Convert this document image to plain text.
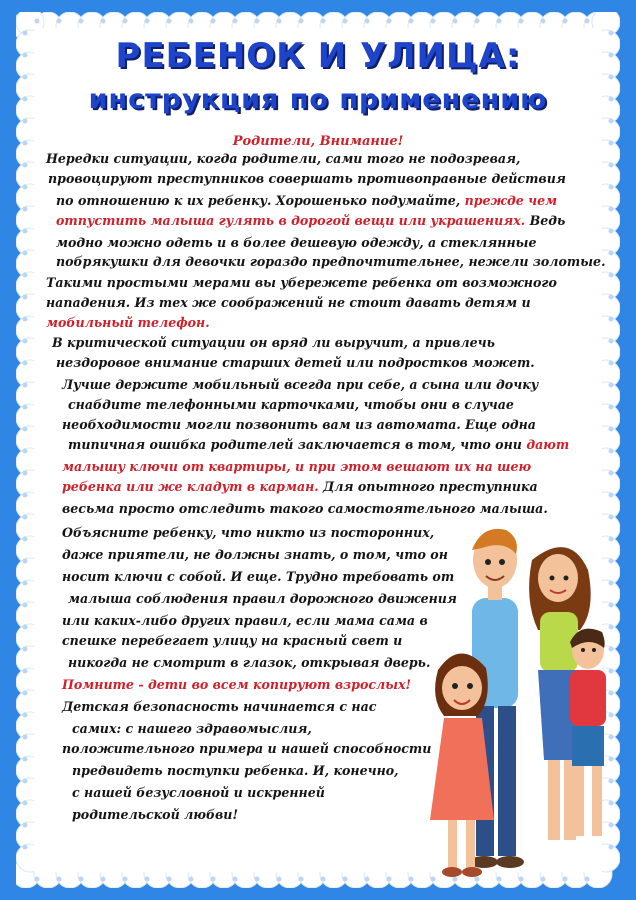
РЕБЕНОК И УЛИЦА:
инструкция по применению
Родители, Внимание!
Нередки ситуации, когда родители, сами того не подозревая,
провоцируют преступников совершать противоправные действия
по отношению к их ребенку. Хорошенько подумайте, прежде чем
отпустить малыша гулять в дорогой вещи или украшениях. Ведь
модно можно одеть и в более дешевую одежду, а стеклянные
побрякушки для девочки гораздо предпочтительнее, нежели золотые.
Такими простыми мерами вы убережете ребенка от возможного
нападения. Из тех же соображений не стоит давать детям и
мобильный телефон.
В критической ситуации он вряд ли выручит, а привлечь
нездоровое внимание старших детей или подростков может.
Лучше держите мобильный всегда при себе, а сына или дочку
снабдите телефонными карточками, чтобы они в случае
необходимости могли позвонить вам из автомата. Еще одна
типичная ошибка родителей заключается в том, что они дают
малышу ключи от квартиры, и при этом вешают их на шею
ребенка или же кладут в карман. Для опытного преступника
весьма просто отследить такого самостоятельного малыша.
Объясните ребенку, что никто из посторонних,
даже приятели, не должны знать, о том, что он
носит ключи с собой. И еще. Трудно требовать от
малыша соблюдения правил дорожного движения
или каких-либо других правил, если мама сама в
спешке перебегает улицу на красный свет и
никогда не смотрит в глазок, открывая дверь.
Помните - дети во всем копируют взрослых!
Детская безопасность начинается с нас
самих: с нашего здравомыслия,
положительного примера и нашей способности
предвидеть поступки ребенка. И, конечно,
с нашей безусловной и искренней
родительской любви!
